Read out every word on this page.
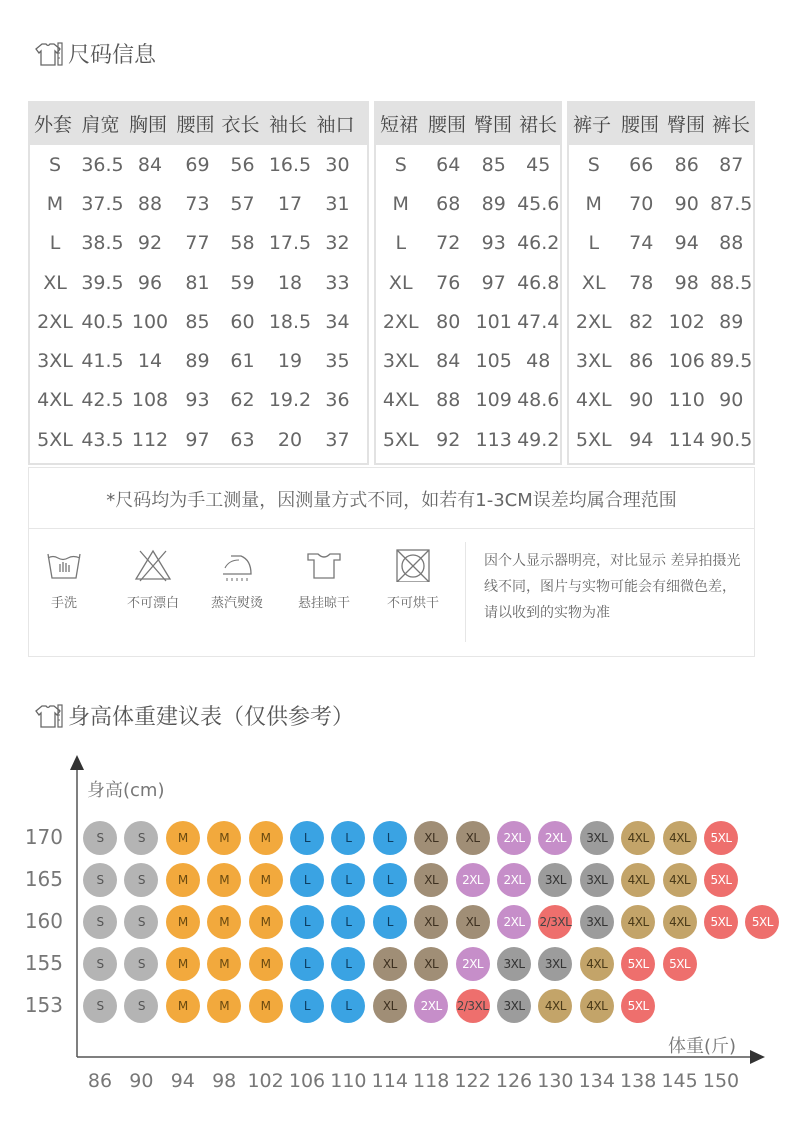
尺码信息
外套 肩宽 胸围 腰围 衣长 袖长 袖口
S	36.5 84	69	56 16.5 30
M 37.5 88	73	57	17	31
L	38.5 92	77	58 17.5 32
XL 39.5 96	81	59	18	33
2XL 40.5 100 85	60 18.5 34
3XL 41.5 14	89	61	19	35
4XL 42.5 108 93	62 19.2 36
5XL 43.5 112 97	63	20	37
短裙 腰围 臀围 裙长
S	64	85	45
M	68	89 45.6
L	72	93 46.2
XL	76	97 46.8
2XL 80 101 47.4
3XL 84 105 48
4XL 88 109 48.6
5XL 92 113 49.2
裤子 腰围 臀围 裤长
S	66	86	87
M	70	90 87.5
L	74	94	88
XL	78	98 88.5
2XL 82 102 89
3XL 86 106 89.5
4XL 90 110 90
5XL 94 114 90.5
*尺码均为手工测量，因测量方式不同，如若有1-3CM误差均属合理范围
手洗	不可漂白	蒸汽熨烫	悬挂晾干	不可烘干
因个人显示器明亮，对比显示 差异拍摄光线不同，图片与实物可能会有细微色差，请以收到的实物为准
身高体重建议表（仅供参考）
身高(cm)
体重(斤)
170	S	S	M	M	M	L	L	L	XL	XL	2XL	2XL	3XL	4XL	4XL	5XL
165	S	S	M	M	M	L	L	L	XL	2XL	2XL	3XL	3XL	4XL	4XL	5XL
160	S	S	M	M	M	L	L	L	XL	XL	2XL	2/3XL	3XL	4XL	4XL	5XL	5XL
155	S	S	M	M	M	L	L	XL	XL	2XL	3XL	3XL	4XL	5XL	5XL
153	S	S	M	M	M	L	L	XL	2XL	2/3XL	3XL	4XL	4XL	5XL
86 90 94 98 102 106 110 114 118 122 126 130 134 138 145 150
